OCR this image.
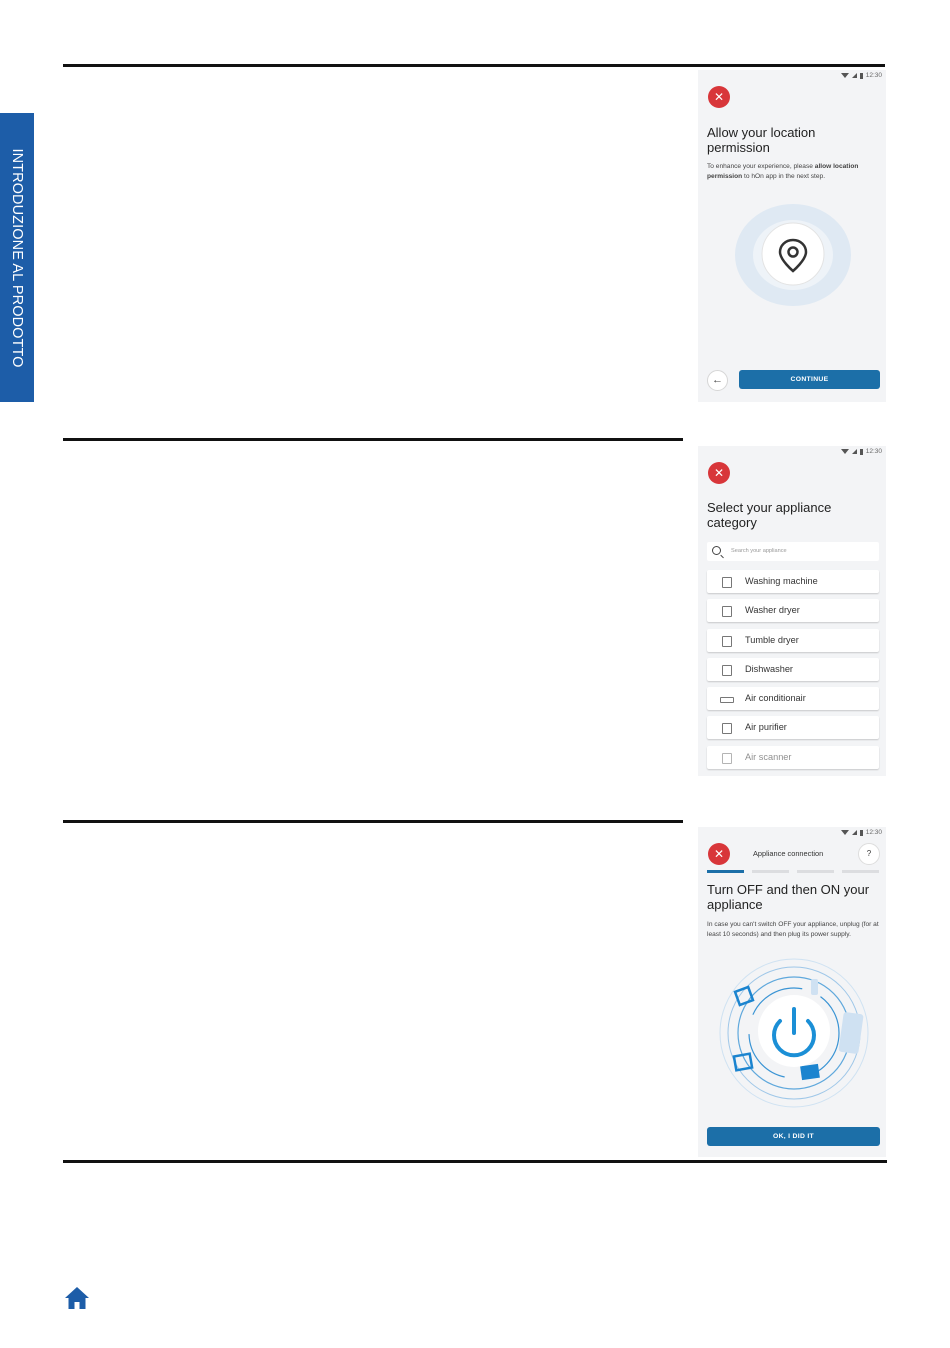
INTRODUZIONE AL PRODOTTO
12:30
✕
Allow your location permission
To enhance your experience, please allow location permission to hOn app in the next step.
←	CONTINUE
12:30
✕
Select your appliance category
Search your appliance
Washing machine
Washer dryer
Tumble dryer
Dishwasher
Air conditionair
Air purifier
Air scanner
12:30
✕	Appliance connection	?
Turn OFF and then ON your appliance
In case you can't switch OFF your appliance, unplug (for at least 10 seconds) and then plug its power supply.
OK, I DID IT
